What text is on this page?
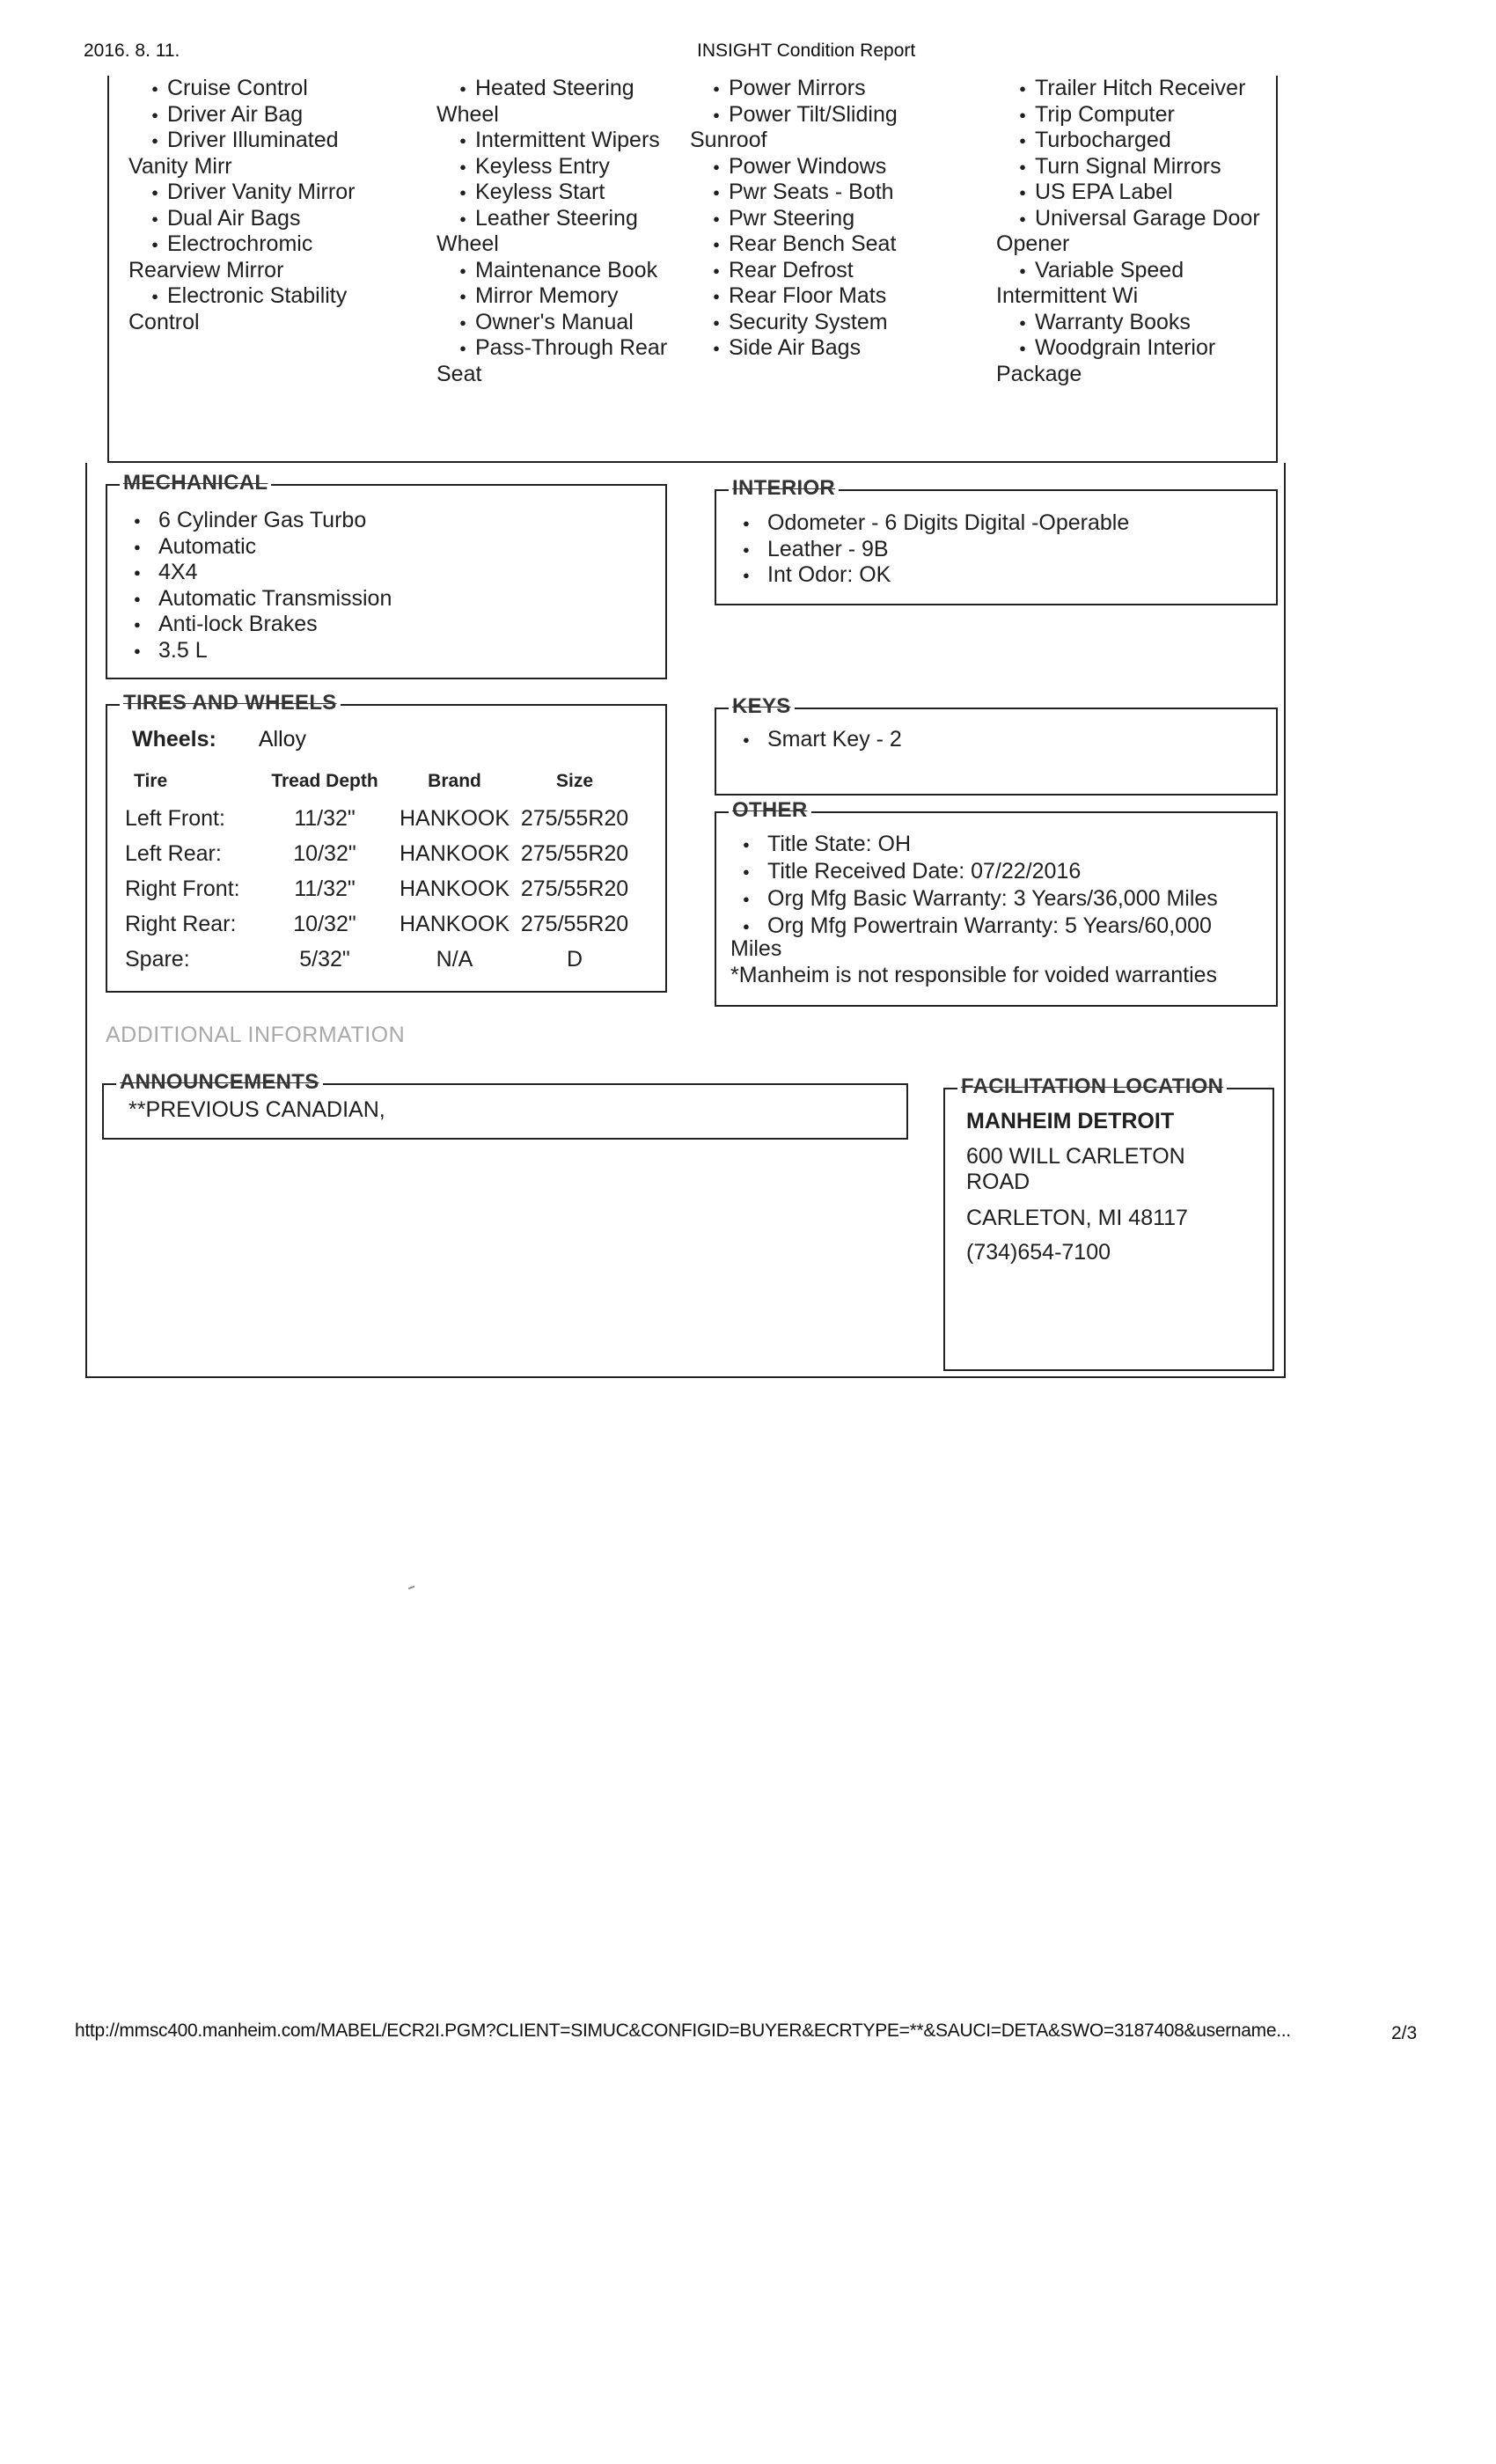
2016. 8. 11.	INSIGHT Condition Report
● Cruise Control
● Driver Air Bag
● Driver Illuminated Vanity Mirr
● Driver Vanity Mirror
● Dual Air Bags
● Electrochromic Rearview Mirror
● Electronic Stability Control
● Heated Steering Wheel
● Intermittent Wipers
● Keyless Entry
● Keyless Start
● Leather Steering Wheel
● Maintenance Book
● Mirror Memory
● Owner's Manual
● Pass-Through Rear Seat
● Power Mirrors
● Power Tilt/Sliding Sunroof
● Power Windows
● Pwr Seats - Both
● Pwr Steering
● Rear Bench Seat
● Rear Defrost
● Rear Floor Mats
● Security System
● Side Air Bags
● Trailer Hitch Receiver
● Trip Computer
● Turbocharged
● Turn Signal Mirrors
● US EPA Label
● Universal Garage Door Opener
● Variable Speed Intermittent Wi
● Warranty Books
● Woodgrain Interior Package
MECHANICAL
● 6 Cylinder Gas Turbo
● Automatic
● 4X4
● Automatic Transmission
● Anti-lock Brakes
● 3.5 L
INTERIOR
● Odometer - 6 Digits Digital -Operable
● Leather - 9B
● Int Odor: OK
TIRES AND WHEELS
Wheels: Alloy
Tire	Tread Depth	Brand	Size
Left Front:	11/32"	HANKOOK	275/55R20
Left Rear:	10/32"	HANKOOK	275/55R20
Right Front:	11/32"	HANKOOK	275/55R20
Right Rear:	10/32"	HANKOOK	275/55R20
Spare:	5/32"	N/A	D
KEYS
● Smart Key - 2
OTHER
● Title State: OH
● Title Received Date: 07/22/2016
● Org Mfg Basic Warranty: 3 Years/36,000 Miles
● Org Mfg Powertrain Warranty: 5 Years/60,000
Miles
*Manheim is not responsible for voided warranties
ADDITIONAL INFORMATION
ANNOUNCEMENTS
**PREVIOUS CANADIAN,
FACILITATION LOCATION
MANHEIM DETROIT
600 WILL CARLETON ROAD
CARLETON, MI 48117
(734)654-7100
http://mmsc400.manheim.com/MABEL/ECR2I.PGM?CLIENT=SIMUC&CONFIGID=BUYER&ECRTYPE=**&SAUCI=DETA&SWO=3187408&username...	2/3
